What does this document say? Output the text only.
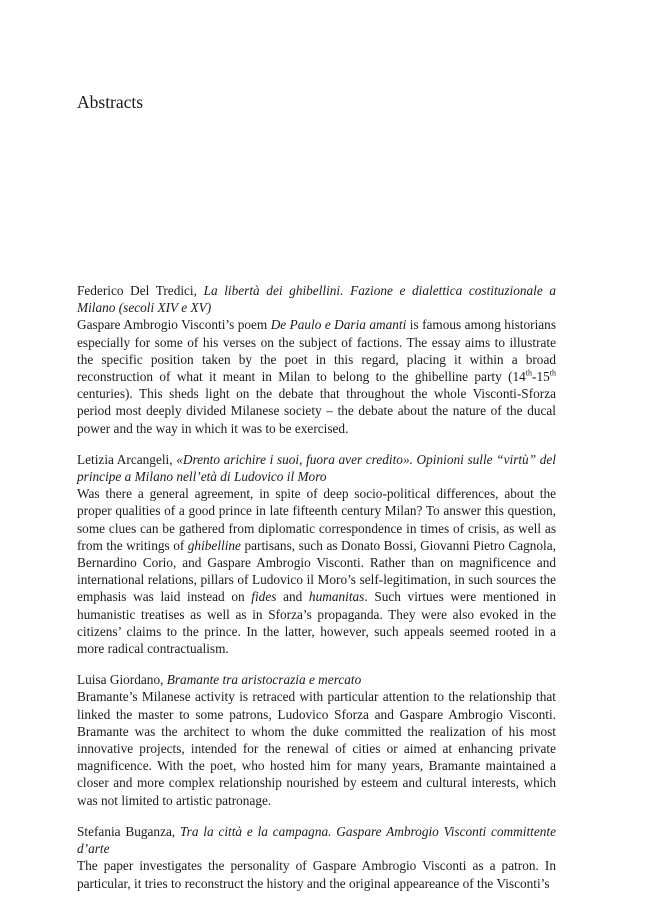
Abstracts

Federico Del Tredici, La libertà dei ghibellini. Fazione e dialettica costituzionale a Milano (secoli XIV e XV)

Gaspare Ambrogio Visconti’s poem De Paulo e Daria amanti is famous among historians especially for some of his verses on the subject of factions. The essay aims to illustrate the specific position taken by the poet in this regard, placing it within a broad reconstruction of what it meant in Milan to belong to the ghibelline party (14th-15th centuries). This sheds light on the debate that throughout the whole Visconti-Sforza period most deeply divided Milanese society – the debate about the nature of the ducal power and the way in which it was to be exercised.

Letizia Arcangeli, «Drento arichire i suoi, fuora aver credito». Opinioni sulle “virtù” del principe a Milano nell’età di Ludovico il Moro

Was there a general agreement, in spite of deep socio-political differences, about the proper qualities of a good prince in late fifteenth century Milan? To answer this question, some clues can be gathered from diplomatic correspondence in times of crisis, as well as from the writings of ghibelline partisans, such as Donato Bossi, Giovanni Pietro Cagnola, Bernardino Corio, and Gaspare Ambrogio Visconti. Rather than on magnificence and international relations, pillars of Ludovico il Moro’s self-legitimation, in such sources the emphasis was laid instead on fides and humanitas. Such virtues were mentioned in humanistic treatises as well as in Sforza’s propaganda. They were also evoked in the citizens’ claims to the prince. In the latter, however, such appeals seemed rooted in a more radical contractualism.

Luisa Giordano, Bramante tra aristocrazia e mercato

Bramante’s Milanese activity is retraced with particular attention to the relationship that linked the master to some patrons, Ludovico Sforza and Gaspare Ambrogio Visconti. Bramante was the architect to whom the duke committed the realization of his most innovative projects, intended for the renewal of cities or aimed at enhancing private magnificence. With the poet, who hosted him for many years, Bramante maintained a closer and more complex relationship nourished by esteem and cultural interests, which was not limited to artistic patronage.

Stefania Buganza, Tra la città e la campagna. Gaspare Ambrogio Visconti committente d’arte

The paper investigates the personality of Gaspare Ambrogio Visconti as a patron. In particular, it tries to reconstruct the history and the original appeareance of the Visconti’s
